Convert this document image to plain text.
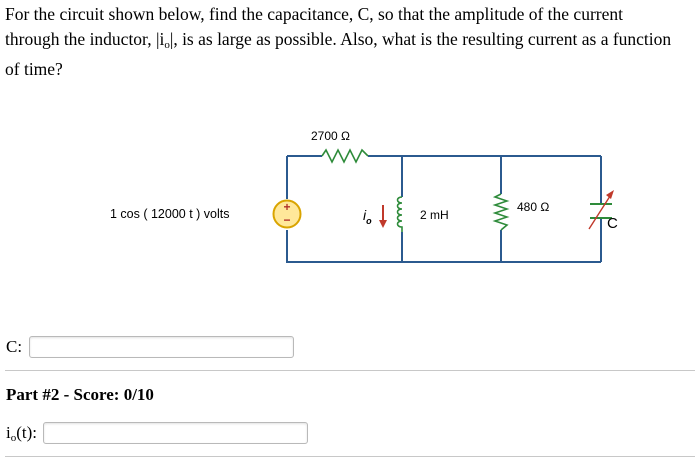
For the circuit shown below, find the capacitance, C, so that the amplitude of the current
through the inductor, $|i_o|$, is as large as possible. Also, what is the resulting current as a function
of time?
1 cos ( 12000 t ) volts
2700 Ω
+
−	$i_o$	2 mH
480 Ω
C
C:
Part #2 - Score: 0/10
$i_o(t)$:
